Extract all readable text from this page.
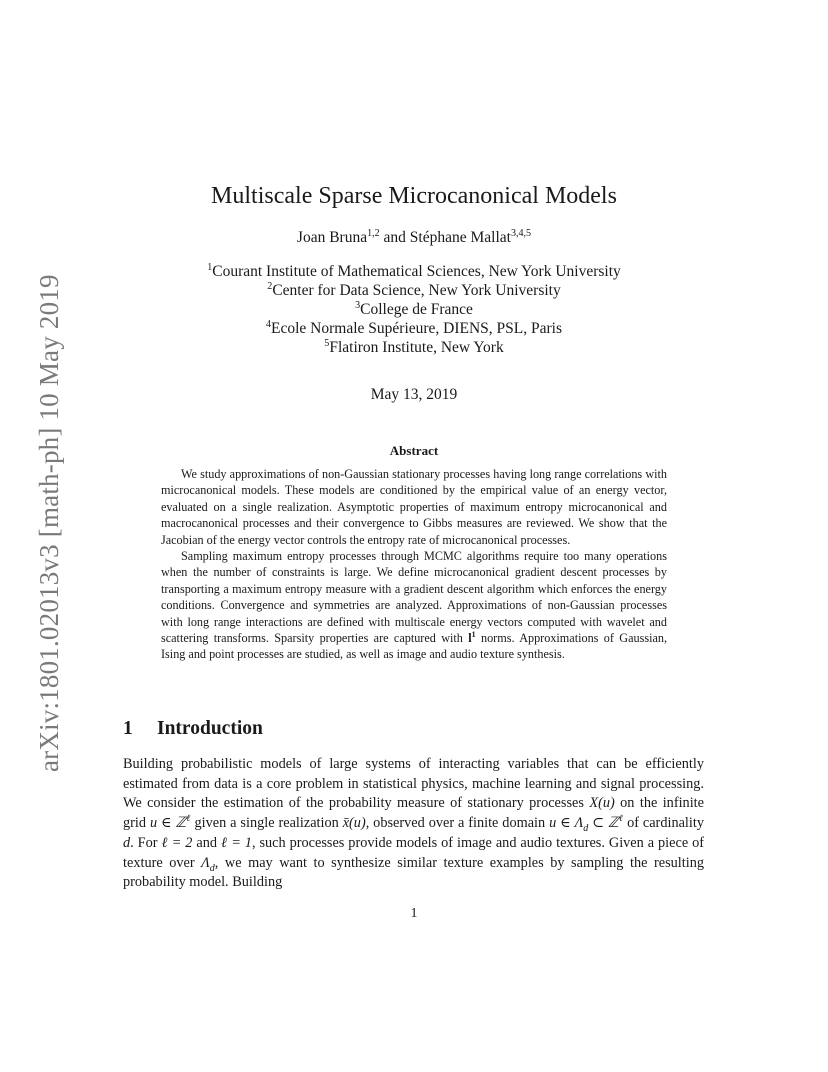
arXiv:1801.02013v3 [math-ph] 10 May 2019
Multiscale Sparse Microcanonical Models
Joan Bruna$^{1,2}$ and Stéphane Mallat$^{3,4,5}$
$^1$Courant Institute of Mathematical Sciences, New York University
$^2$Center for Data Science, New York University
$^3$College de France
$^4$Ecole Normale Supérieure, DIENS, PSL, Paris
$^5$Flatiron Institute, New York
May 13, 2019
Abstract

We study approximations of non-Gaussian stationary processes having long range correlations with microcanonical models. These models are conditioned by the empirical value of an energy vector, evaluated on a single realization. Asymptotic properties of maximum entropy microcanonical and macrocanonical processes and their convergence to Gibbs measures are reviewed. We show that the Jacobian of the energy vector controls the entropy rate of microcanonical processes.

Sampling maximum entropy processes through MCMC algorithms require too many operations when the number of constraints is large. We define microcanonical gradient descent processes by transporting a maximum entropy measure with a gradient descent algorithm which enforces the energy conditions. Convergence and symmetries are analyzed. Approximations of non-Gaussian processes with long range interactions are defined with multiscale energy vectors computed with wavelet and scattering transforms. Sparsity properties are captured with $l^1$ norms. Approximations of Gaussian, Ising and point processes are studied, as well as image and audio texture synthesis.

1 Introduction

Building probabilistic models of large systems of interacting variables that can be efficiently estimated from data is a core problem in statistical physics, machine learning and signal processing. We consider the estimation of the probability measure of stationary processes X(u) on the infinite grid u ∈ ℤ$^\ell$ given a single realization x̄(u), observed over a finite domain u ∈ $\Lambda_d$ ⊂ ℤ$^\ell$ of cardinality d. For ℓ = 2 and ℓ = 1, such processes provide models of image and audio textures. Given a piece of texture over $\Lambda_d$, we may want to synthesize similar texture examples by sampling the resulting probability model. Building

1
